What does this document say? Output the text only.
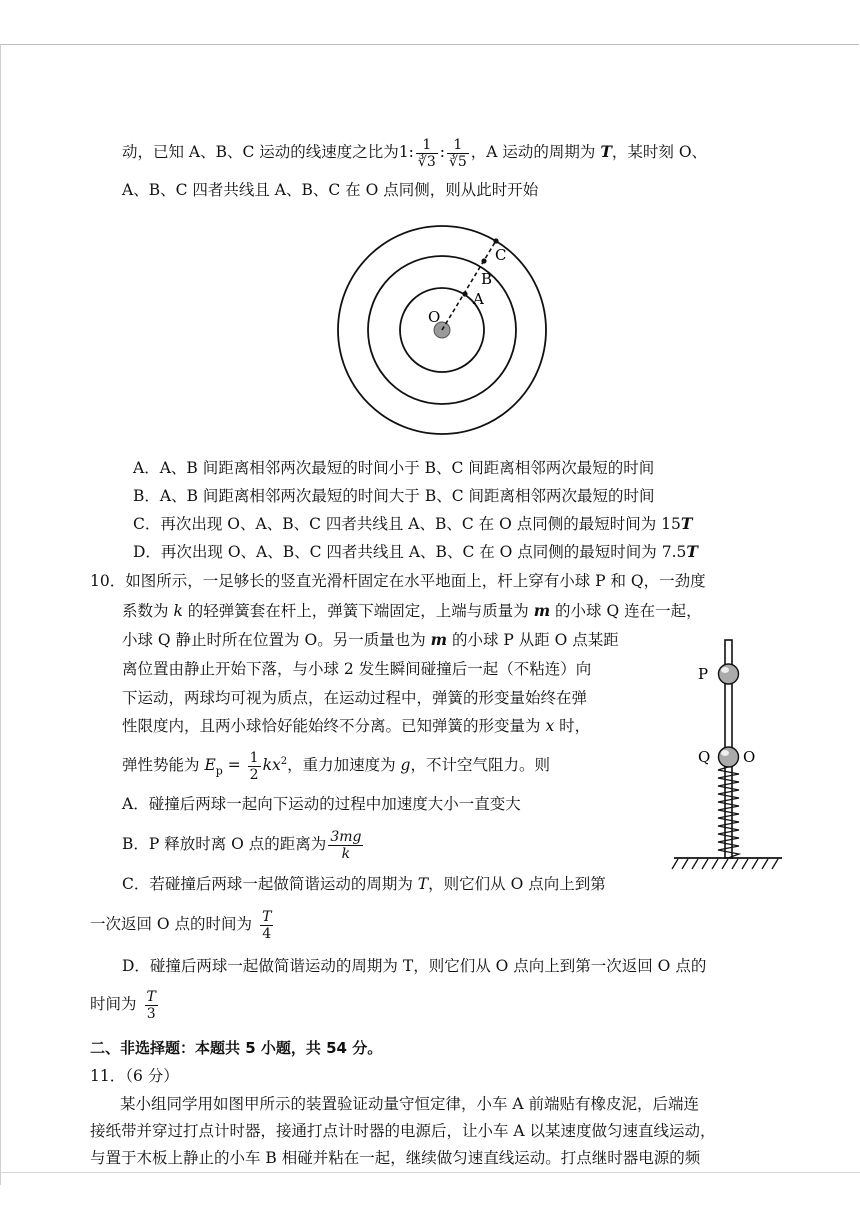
动，已知 A、B、C 运动的线速度之比为1: $\frac{1}{∛3}$ : $\frac{1}{∛5}$ ，A 运动的周期为 T，某时刻 O、
A、B、C 四者共线且 A、B、C 在 O 点同侧，则从此时开始
O
A
B
C
A．A、B 间距离相邻两次最短的时间小于 B、C 间距离相邻两次最短的时间
B．A、B 间距离相邻两次最短的时间大于 B、C 间距离相邻两次最短的时间
C．再次出现 O、A、B、C 四者共线且 A、B、C 在 O 点同侧的最短时间为 15T
D．再次出现 O、A、B、C 四者共线且 A、B、C 在 O 点同侧的最短时间为 7.5T
10．如图所示，一足够长的竖直光滑杆固定在水平地面上，杆上穿有小球 P 和 Q，一劲度
系数为 k 的轻弹簧套在杆上，弹簧下端固定，上端与质量为 m 的小球 Q 连在一起，
小球 Q 静止时所在位置为 O。另一质量也为 m 的小球 P 从距 O 点某距
离位置由静止开始下落，与小球 2 发生瞬间碰撞后一起（不粘连）向
下运动，两球均可视为质点，在运动过程中，弹簧的形变量始终在弹
性限度内，且两小球恰好能始终不分离。已知弹簧的形变量为 x 时，
弹性势能为 $E_p = \frac{1}{2} kx^2$，重力加速度为 g，不计空气阻力。则
A．碰撞后两球一起向下运动的过程中加速度大小一直变大
B．P 释放时离 O 点的距离为 $\frac{3mg}{k}$
C．若碰撞后两球一起做简谐运动的周期为 T，则它们从 O 点向上到第
一次返回 O 点的时间为 $\frac{T}{4}$
D．碰撞后两球一起做简谐运动的周期为 T，则它们从 O 点向上到第一次返回 O 点的
时间为 $\frac{T}{3}$
P
Q O
二、非选择题：本题共 5 小题，共 54 分。
11．（6 分）
某小组同学用如图甲所示的装置验证动量守恒定律，小车 A 前端贴有橡皮泥，后端连
接纸带并穿过打点计时器，接通打点计时器的电源后，让小车 A 以某速度做匀速直线运动，
与置于木板上静止的小车 B 相碰并粘在一起，继续做匀速直线运动。打点继时器电源的频
